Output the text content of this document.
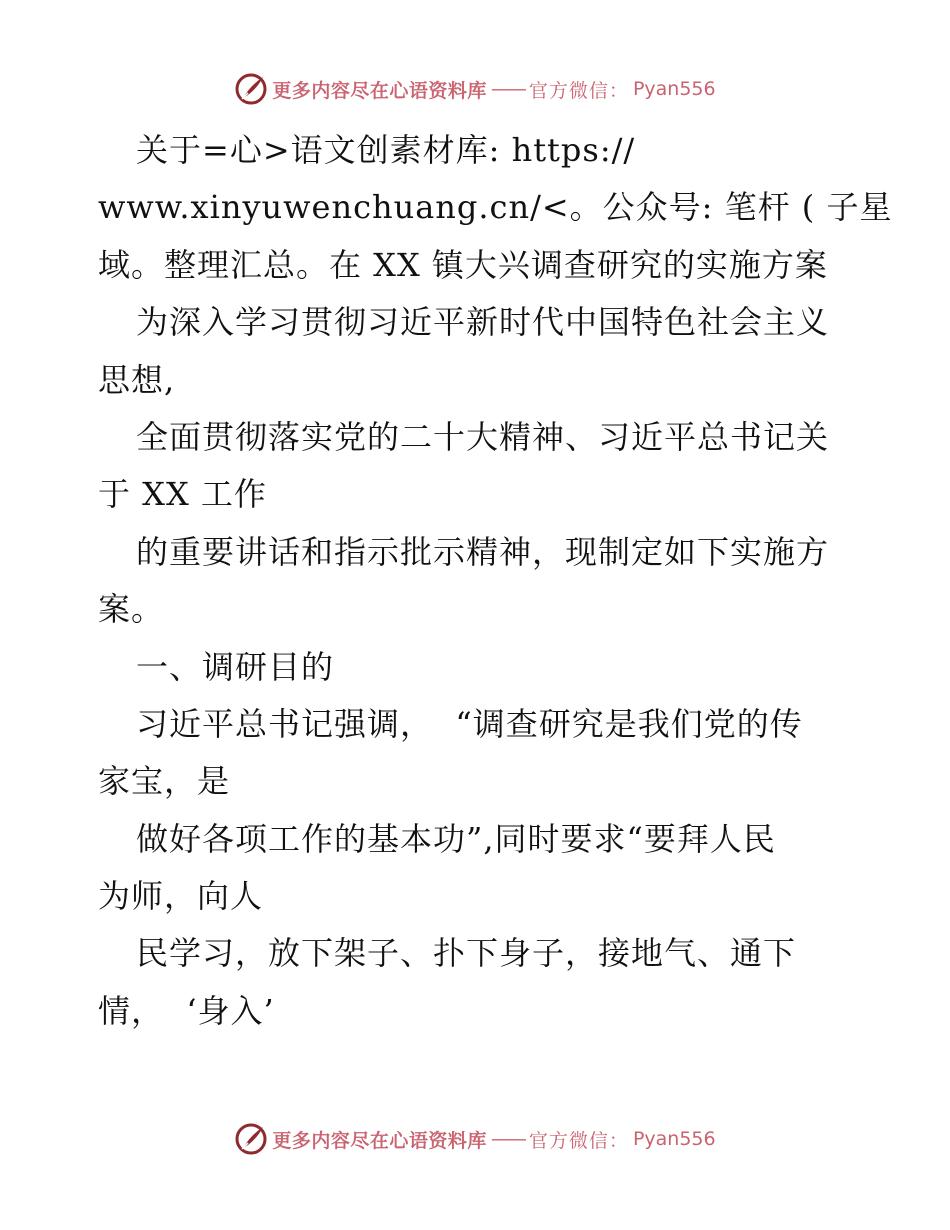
更多内容尽在心语资料库 —— 官方微信： Pyan556
关于=心>语文创素材库: https://
www.xinyuwenchuang.cn/<。公众号: 笔杆 ( 子星
域。整理汇总。在 XX 镇大兴调查研究的实施方案
为深入学习贯彻习近平新时代中国特色社会主义
思想,
全面贯彻落实党的二十大精神、习近平总书记关
于 XX 工作
的重要讲话和指示批示精神，现制定如下实施方
案。
一、调研目的
习近平总书记强调，  “调查研究是我们党的传
家宝，是
做好各项工作的基本功”,同时要求“要拜人民
为师，向人
民学习，放下架子、扑下身子，接地气、通下
情，  ‘身入’
更多内容尽在心语资料库 —— 官方微信： Pyan556
